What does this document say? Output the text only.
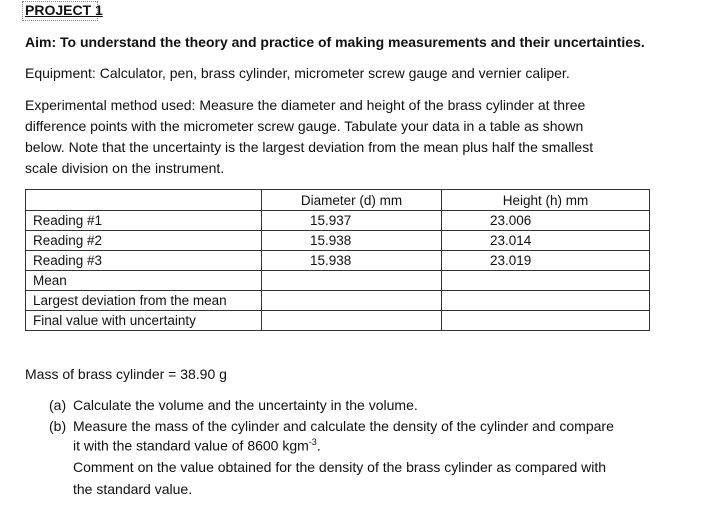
PROJECT 1
Aim: To understand the theory and practice of making measurements and their uncertainties.
Equipment: Calculator, pen, brass cylinder, micrometer screw gauge and vernier caliper.
Experimental method used: Measure the diameter and height of the brass cylinder at three
difference points with the micrometer screw gauge. Tabulate your data in a table as shown
below. Note that the uncertainty is the largest deviation from the mean plus half the smallest
scale division on the instrument.
	Diameter (d) mm	Height (h) mm
Reading #1	15.937	23.006
Reading #2	15.938	23.014
Reading #3	15.938	23.019
Mean		
Largest deviation from the mean		
Final value with uncertainty		
Mass of brass cylinder = 38.90 g
(a) Calculate the volume and the uncertainty in the volume.
(b) Measure the mass of the cylinder and calculate the density of the cylinder and compare
it with the standard value of 8600 kgm$^{-3}$.
Comment on the value obtained for the density of the brass cylinder as compared with
the standard value.
